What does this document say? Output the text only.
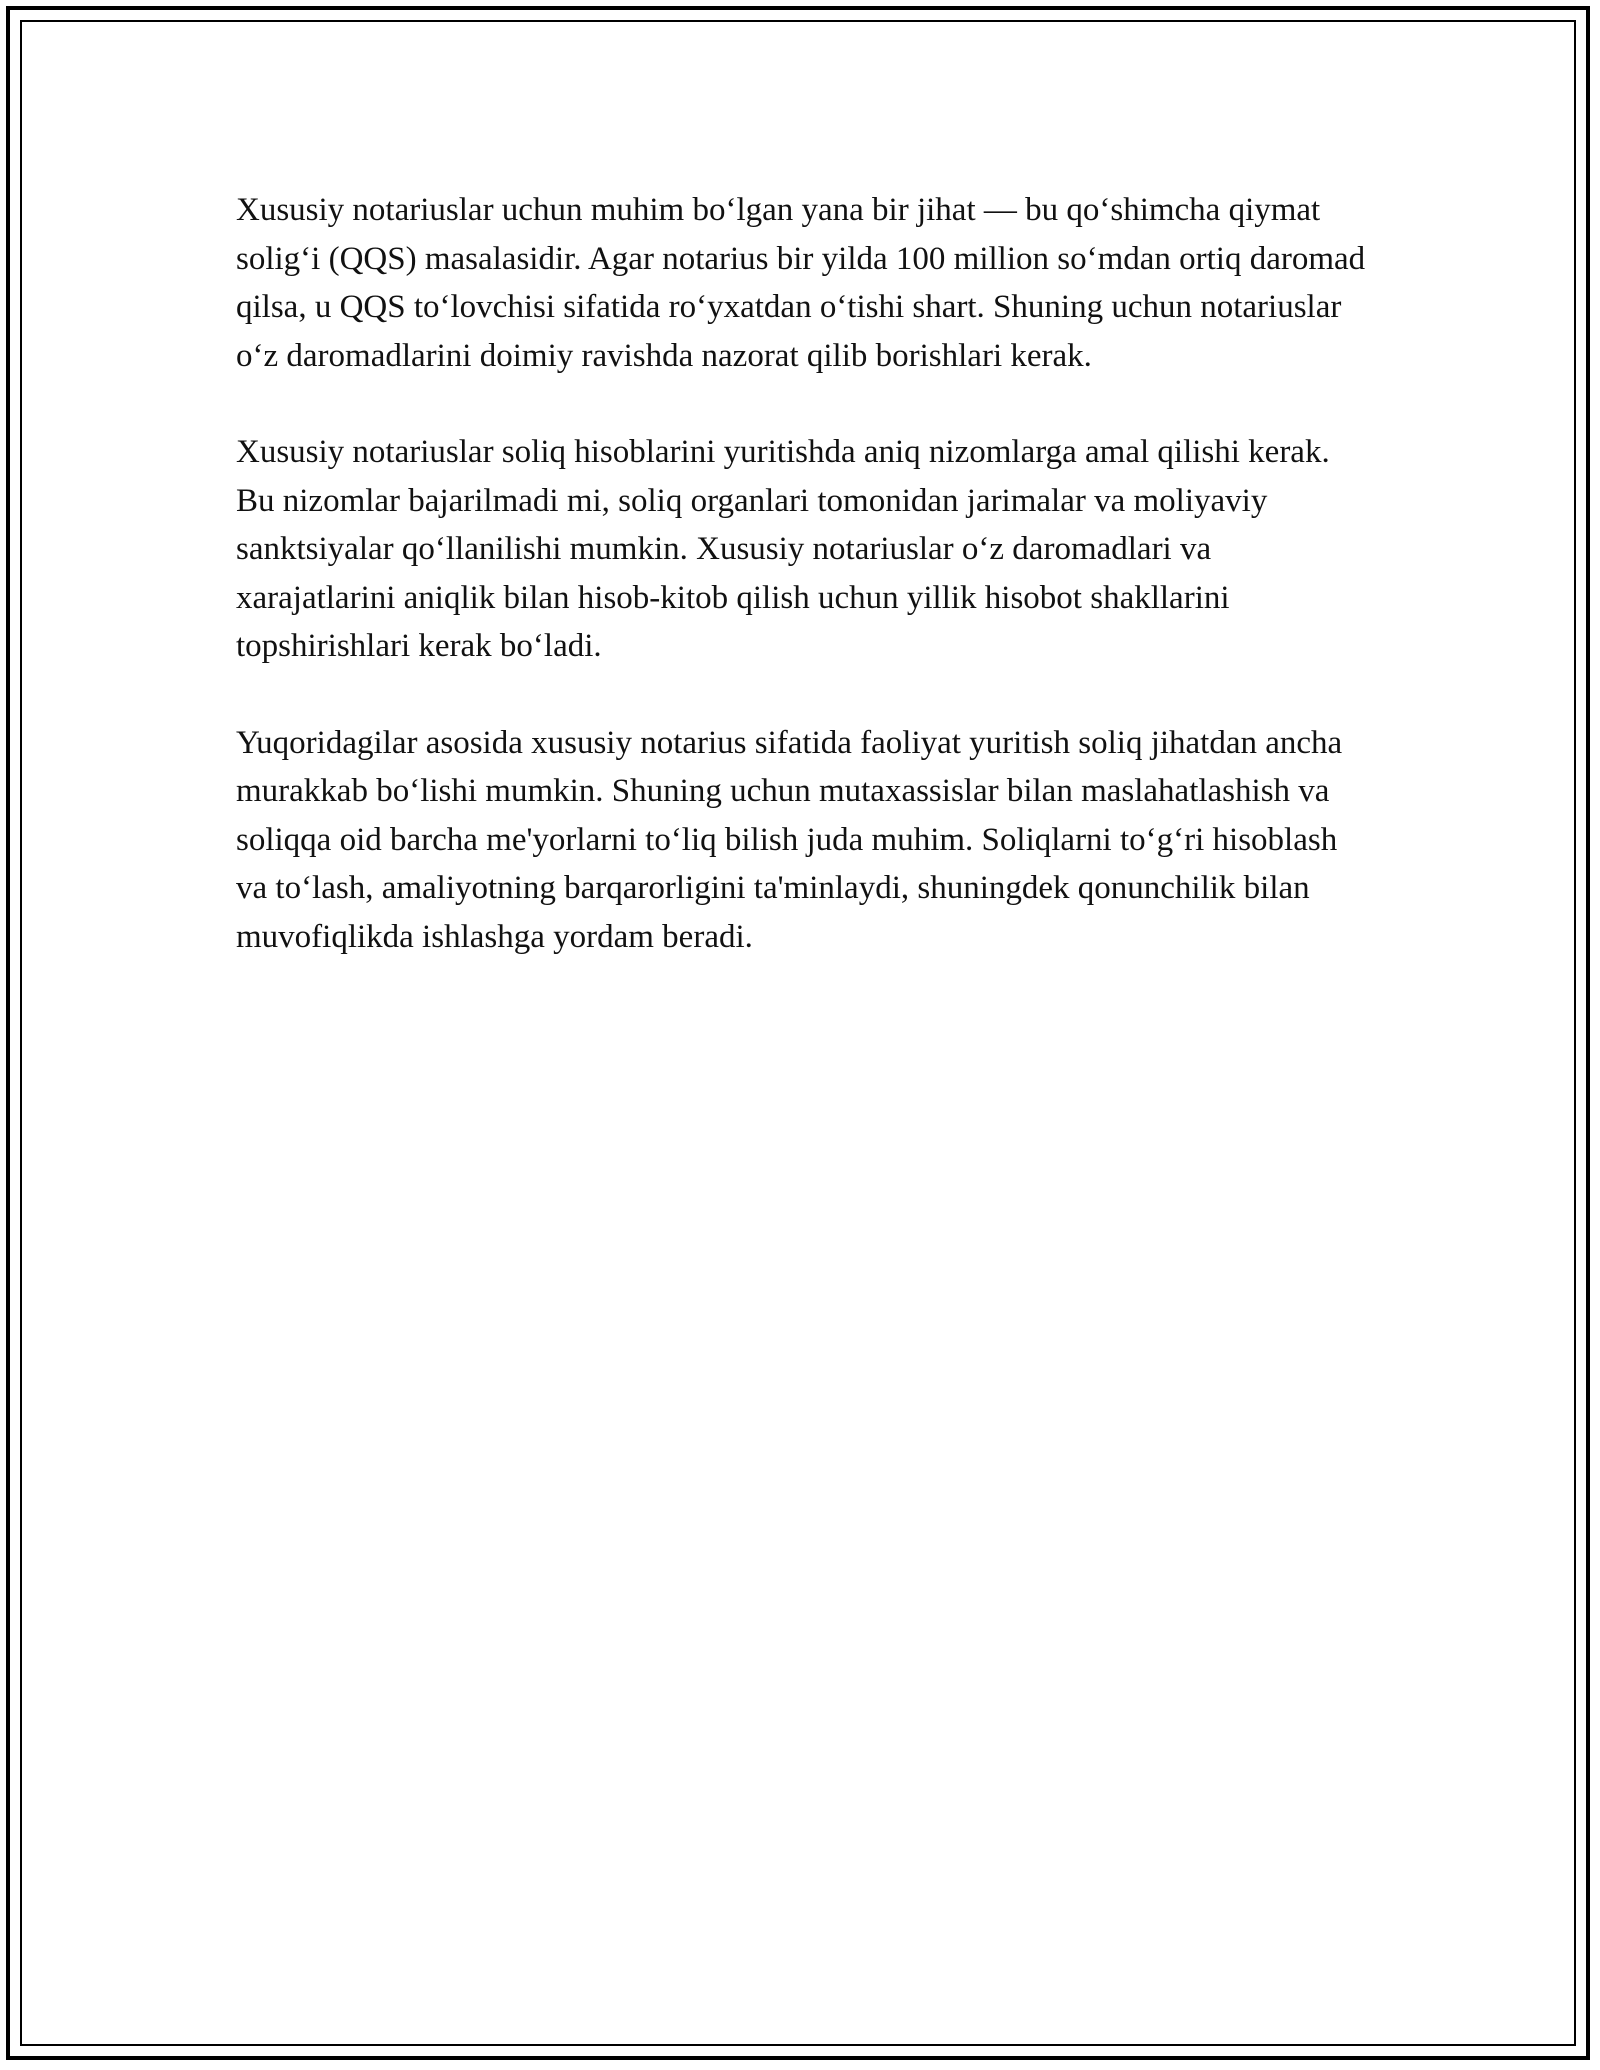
Xususiy notariuslar uchun muhim bo‘lgan yana bir jihat — bu qo‘shimcha qiymat solig‘i (QQS) masalasidir. Agar notarius bir yilda 100 million so‘mdan ortiq daromad qilsa, u QQS to‘lovchisi sifatida ro‘yxatdan o‘tishi shart. Shuning uchun notariuslar o‘z daromadlarini doimiy ravishda nazorat qilib borishlari kerak.

Xususiy notariuslar soliq hisoblarini yuritishda aniq nizomlarga amal qilishi kerak. Bu nizomlar bajarilmadi mi, soliq organlari tomonidan jarimalar va moliyaviy sanktsiyalar qo‘llanilishi mumkin. Xususiy notariuslar o‘z daromadlari va xarajatlarini aniqlik bilan hisob-kitob qilish uchun yillik hisobot shakllarini topshirishlari kerak bo‘ladi.

Yuqoridagilar asosida xususiy notarius sifatida faoliyat yuritish soliq jihatdan ancha murakkab bo‘lishi mumkin. Shuning uchun mutaxassislar bilan maslahatlashish va soliqqa oid barcha me'yorlarni to‘liq bilish juda muhim. Soliqlarni to‘g‘ri hisoblash va to‘lash, amaliyotning barqarorligini ta'minlaydi, shuningdek qonunchilik bilan muvofiqlikda ishlashga yordam beradi.
